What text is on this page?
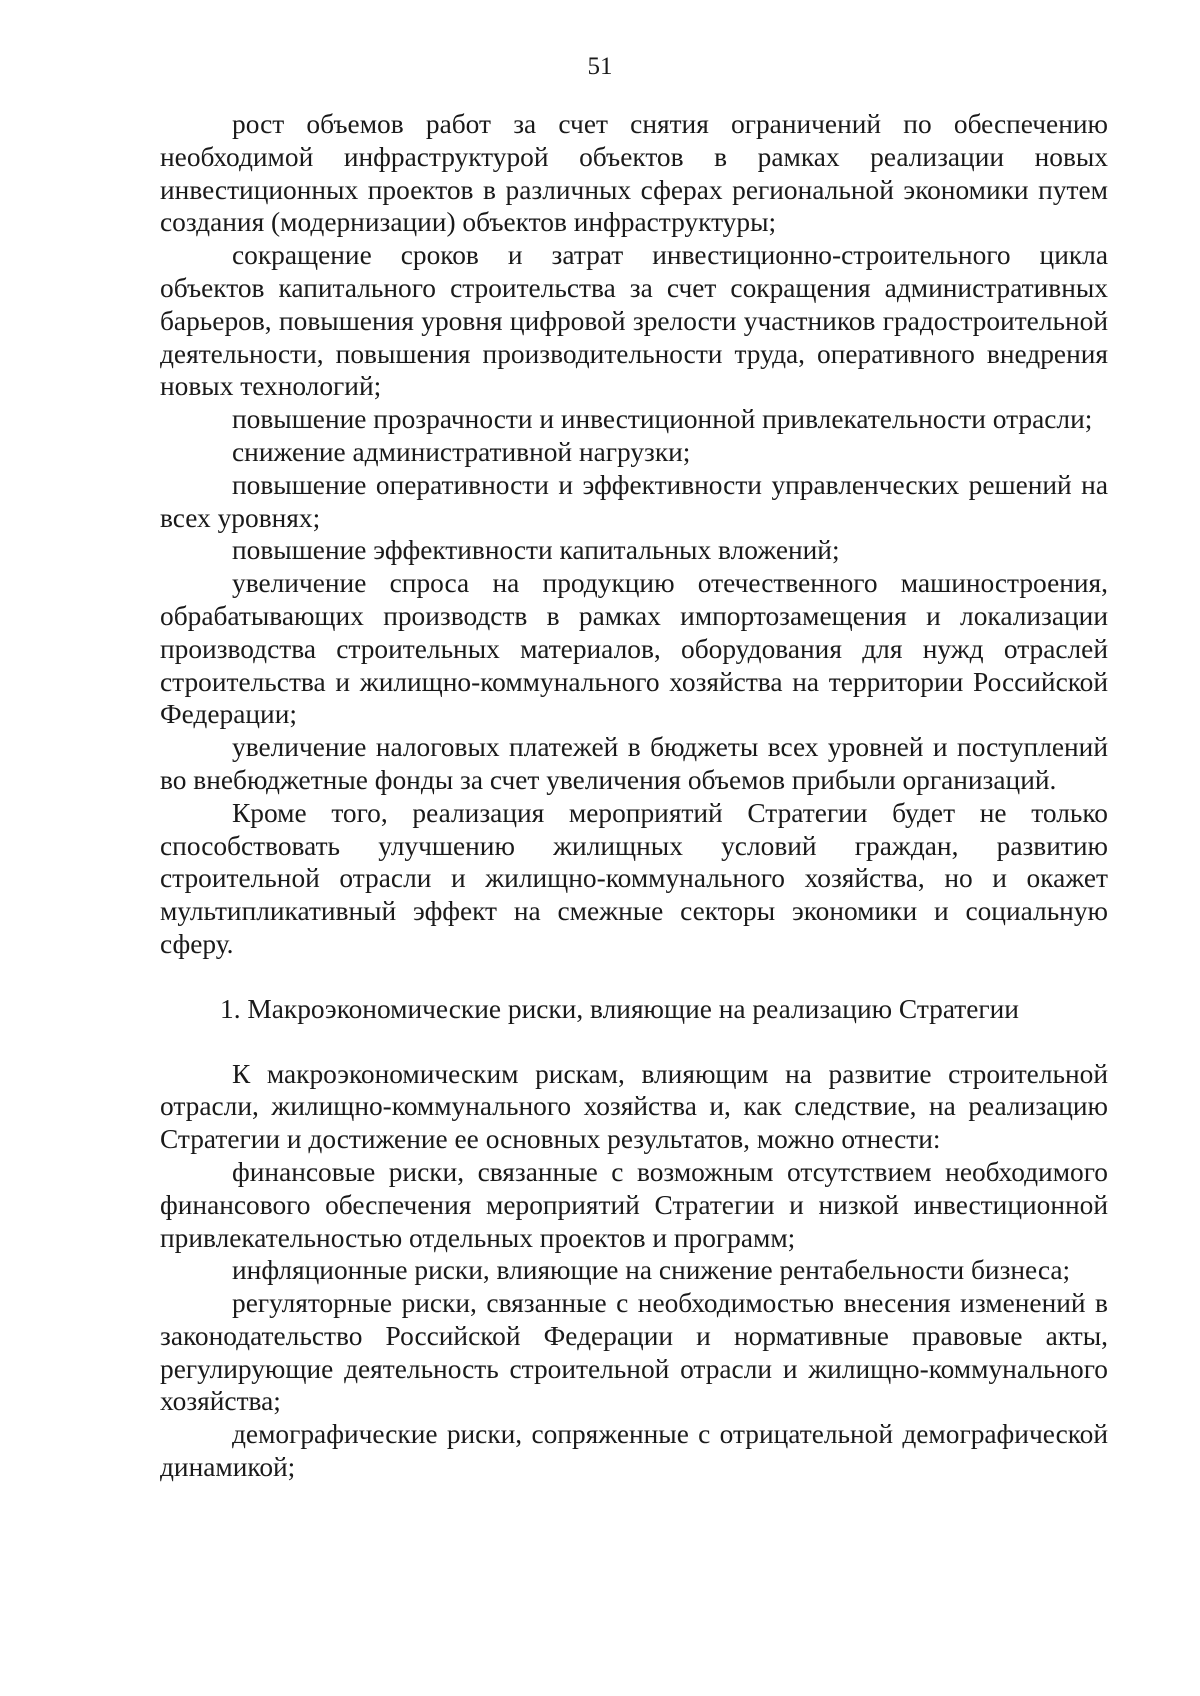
51

рост объемов работ за счет снятия ограничений по обеспечению необходимой инфраструктурой объектов в рамках реализации новых инвестиционных проектов в различных сферах региональной экономики путем создания (модернизации) объектов инфраструктуры;

сокращение сроков и затрат инвестиционно-строительного цикла объектов капитального строительства за счет сокращения административных барьеров, повышения уровня цифровой зрелости участников градостроительной деятельности, повышения производительности труда, оперативного внедрения новых технологий;

повышение прозрачности и инвестиционной привлекательности отрасли;

снижение административной нагрузки;

повышение оперативности и эффективности управленческих решений на всех уровнях;

повышение эффективности капитальных вложений;

увеличение спроса на продукцию отечественного машиностроения, обрабатывающих производств в рамках импортозамещения и локализации производства строительных материалов, оборудования для нужд отраслей строительства и жилищно-коммунального хозяйства на территории Российской Федерации;

увеличение налоговых платежей в бюджеты всех уровней и поступлений во внебюджетные фонды за счет увеличения объемов прибыли организаций.

Кроме того, реализация мероприятий Стратегии будет не только способствовать улучшению жилищных условий граждан, развитию строительной отрасли и жилищно-коммунального хозяйства, но и окажет мультипликативный эффект на смежные секторы экономики и социальную сферу.

1. Макроэкономические риски, влияющие на реализацию Стратегии

К макроэкономическим рискам, влияющим на развитие строительной отрасли, жилищно-коммунального хозяйства и, как следствие, на реализацию Стратегии и достижение ее основных результатов, можно отнести:

финансовые риски, связанные с возможным отсутствием необходимого финансового обеспечения мероприятий Стратегии и низкой инвестиционной привлекательностью отдельных проектов и программ;

инфляционные риски, влияющие на снижение рентабельности бизнеса;

регуляторные риски, связанные с необходимостью внесения изменений в законодательство Российской Федерации и нормативные правовые акты, регулирующие деятельность строительной отрасли и жилищно-коммунального хозяйства;

демографические риски, сопряженные с отрицательной демографической динамикой;
